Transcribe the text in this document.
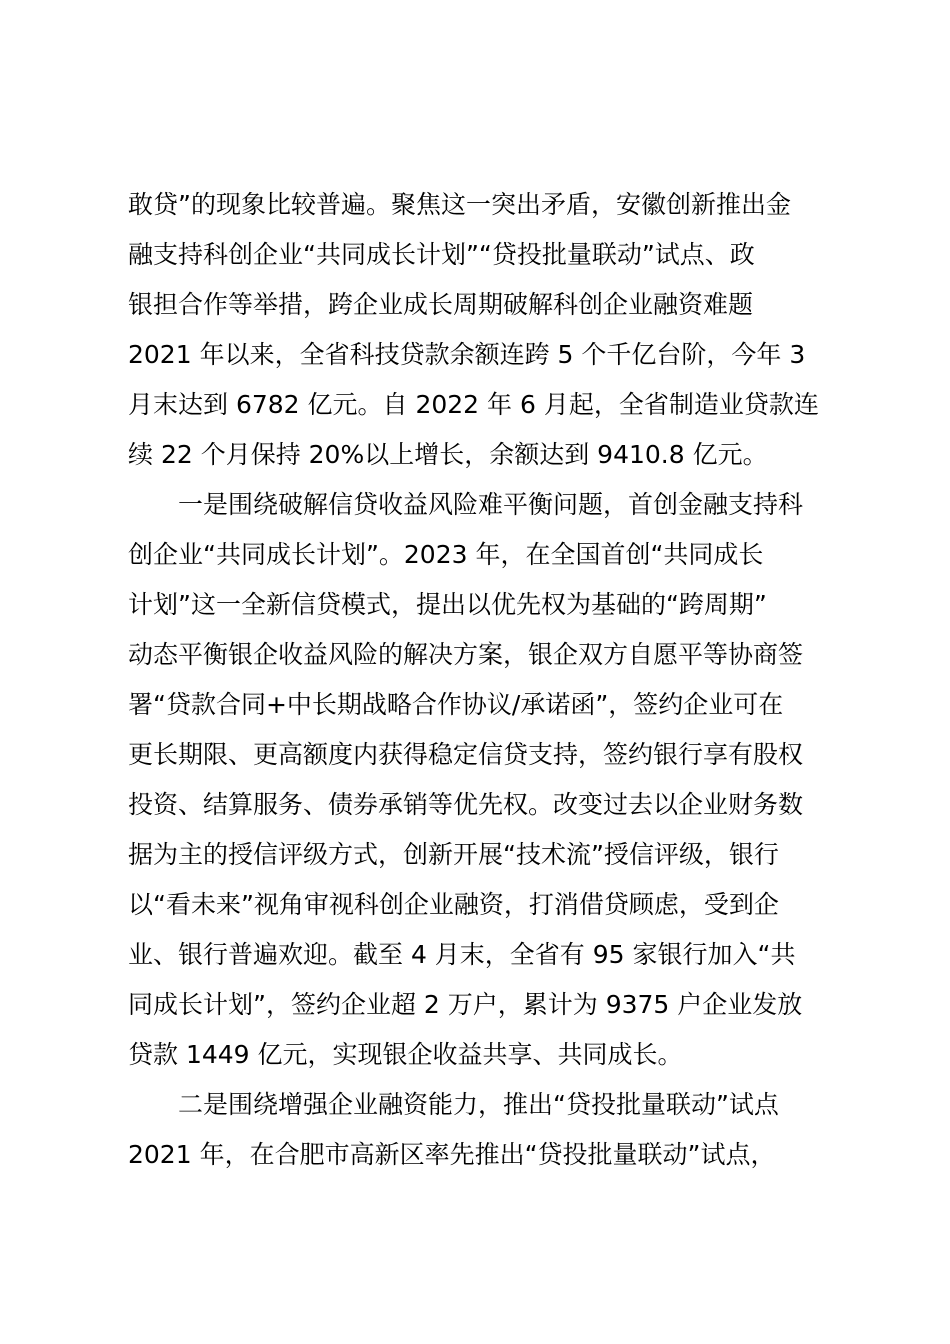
敢贷”的现象比较普遍。聚焦这一突出矛盾，安徽创新推出金
融支持科创企业“共同成长计划”“贷投批量联动”试点、政
银担合作等举措，跨企业成长周期破解科创企业融资难题
2021 年以来，全省科技贷款余额连跨 5 个千亿台阶，今年 3
月末达到 6782 亿元。自 2022 年 6 月起，全省制造业贷款连
续 22 个月保持 20%以上增长，余额达到 9410.8 亿元。
一是围绕破解信贷收益风险难平衡问题，首创金融支持科
创企业“共同成长计划”。2023 年，在全国首创“共同成长
计划”这一全新信贷模式，提出以优先权为基础的“跨周期”
动态平衡银企收益风险的解决方案，银企双方自愿平等协商签
署“贷款合同+中长期战略合作协议/承诺函”，签约企业可在
更长期限、更高额度内获得稳定信贷支持，签约银行享有股权
投资、结算服务、债券承销等优先权。改变过去以企业财务数
据为主的授信评级方式，创新开展“技术流”授信评级，银行
以“看未来”视角审视科创企业融资，打消借贷顾虑，受到企
业、银行普遍欢迎。截至 4 月末，全省有 95 家银行加入“共
同成长计划”，签约企业超 2 万户，累计为 9375 户企业发放
贷款 1449 亿元，实现银企收益共享、共同成长。
二是围绕增强企业融资能力，推出“贷投批量联动”试点
2021 年，在合肥市高新区率先推出“贷投批量联动”试点，
